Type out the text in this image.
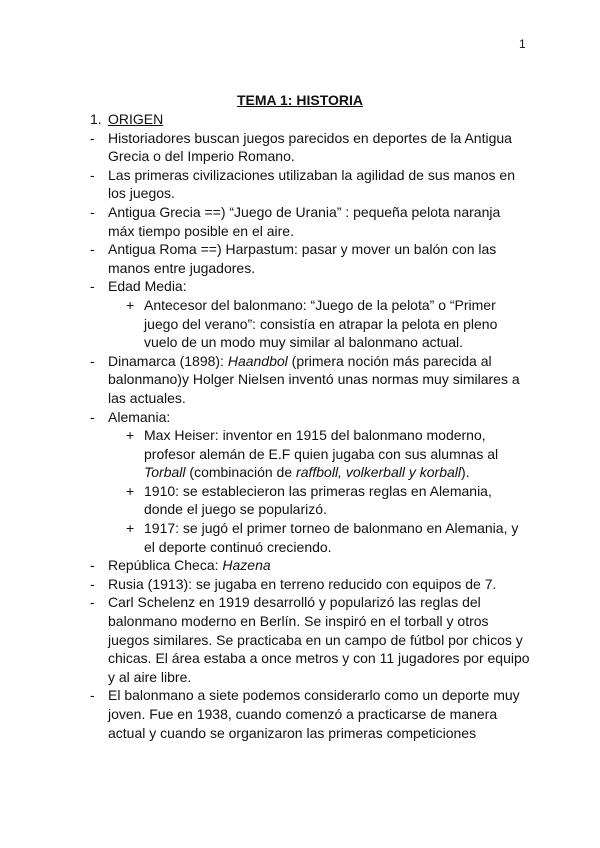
1
TEMA 1: HISTORIA
1. ORIGEN
- Historiadores buscan juegos parecidos en deportes de la Antigua Grecia o del Imperio Romano.
- Las primeras civilizaciones utilizaban la agilidad de sus manos en los juegos.
- Antigua Grecia ==) “Juego de Urania” : pequeña pelota naranja máx tiempo posible en el aire.
- Antigua Roma ==) Harpastum: pasar y mover un balón con las manos entre jugadores.
- Edad Media:
+ Antecesor del balonmano: “Juego de la pelota” o “Primer juego del verano”: consistía en atrapar la pelota en pleno vuelo de un modo muy similar al balonmano actual.
- Dinamarca (1898): Haandbol (primera noción más parecida al balonmano)y Holger Nielsen inventó unas normas muy similares a las actuales.
- Alemania:
+ Max Heiser: inventor en 1915 del balonmano moderno, profesor alemán de E.F quien jugaba con sus alumnas al Torball (combinación de raffboll, volkerball y korball).
+ 1910: se establecieron las primeras reglas en Alemania, donde el juego se popularizó.
+ 1917: se jugó el primer torneo de balonmano en Alemania, y el deporte continuó creciendo.
- República Checa: Hazena
- Rusia (1913): se jugaba en terreno reducido con equipos de 7.
- Carl Schelenz en 1919 desarrolló y popularizó las reglas del balonmano moderno en Berlín. Se inspiró en el torball y otros juegos similares. Se practicaba en un campo de fútbol por chicos y chicas. El área estaba a once metros y con 11 jugadores por equipo y al aire libre.
- El balonmano a siete podemos considerarlo como un deporte muy joven. Fue en 1938, cuando comenzó a practicarse de manera actual y cuando se organizaron las primeras competiciones
